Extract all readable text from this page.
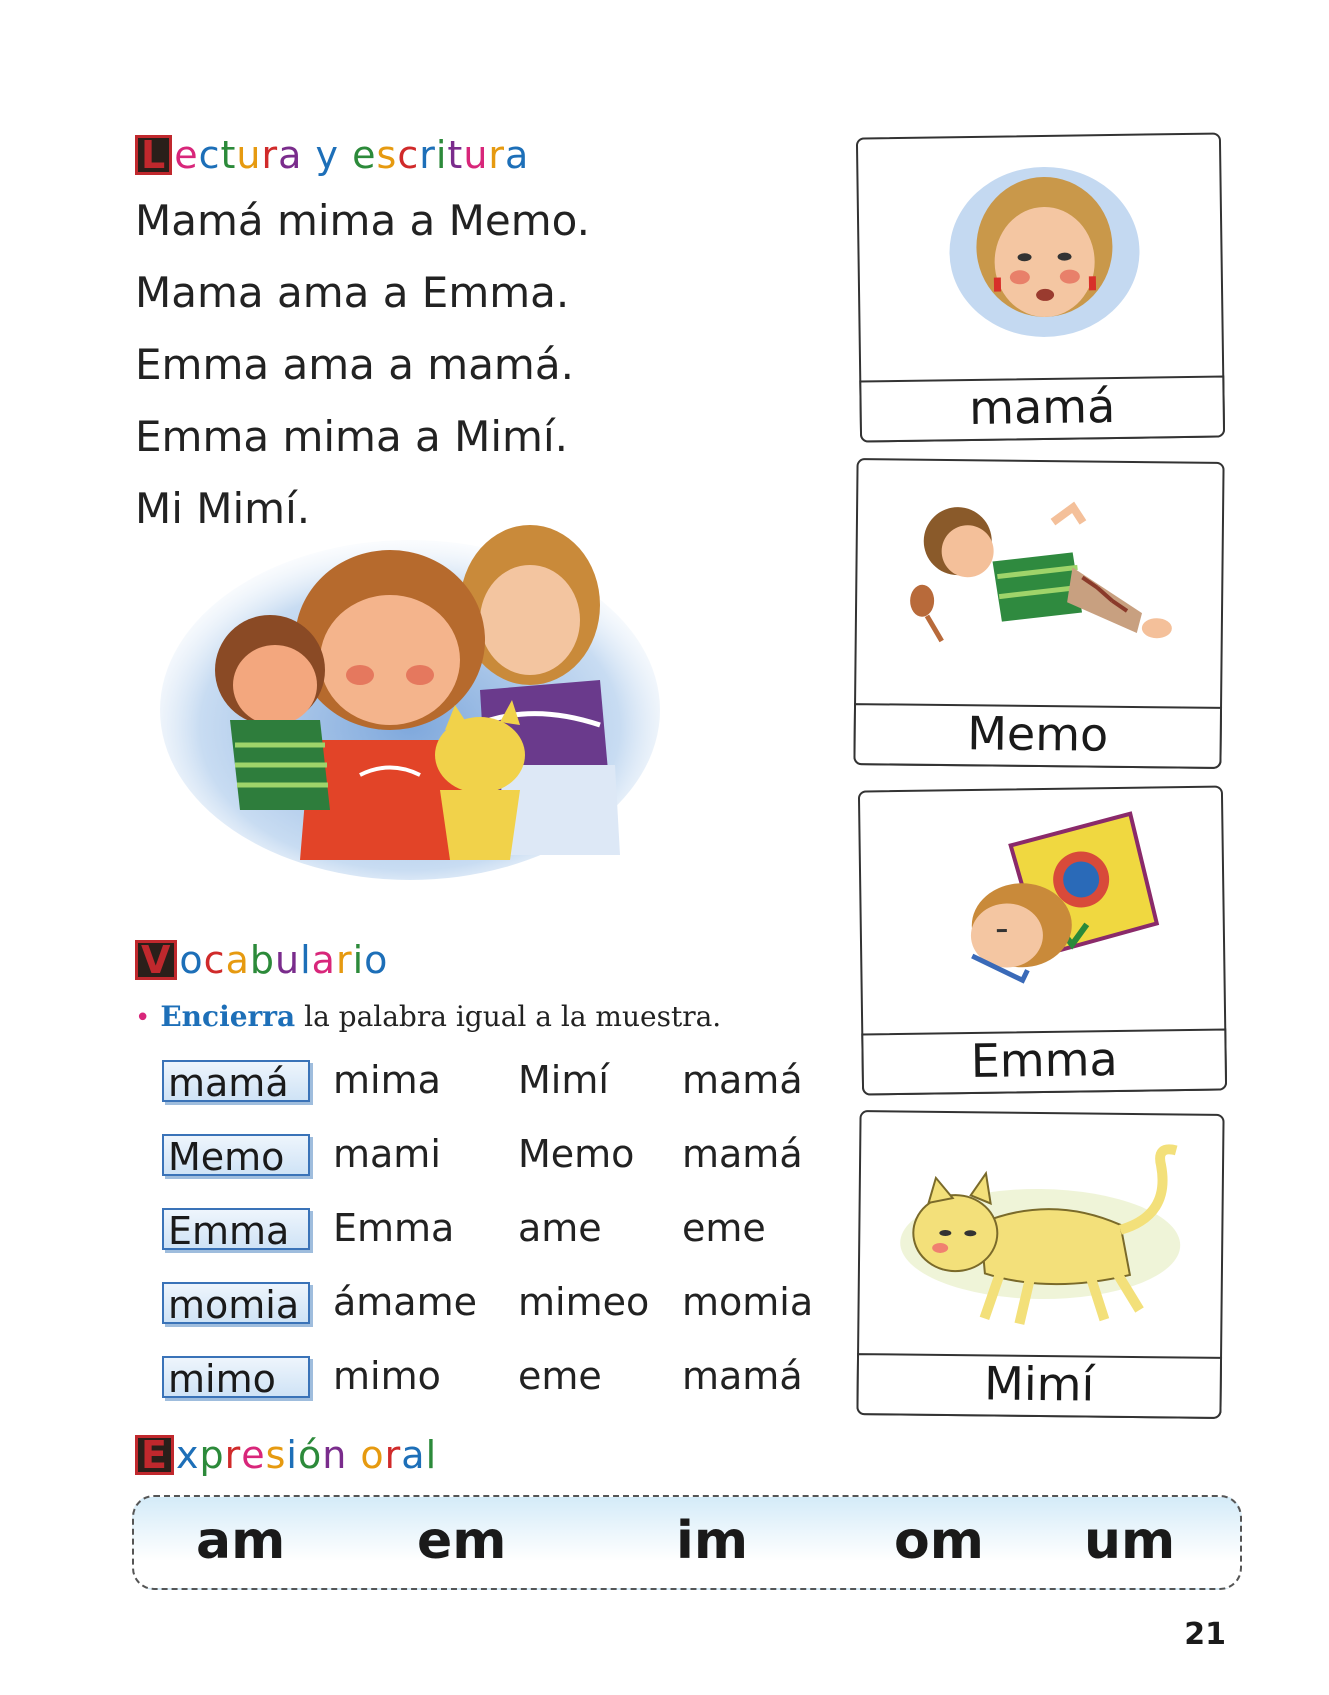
L ectura y escritura
Mamá mima a Memo.
Mama ama a Emma.
Emma ama a mamá.
Emma mima a Mimí.
Mi Mimí.
V ocabulario
• Encierra la palabra igual a la muestra.
mamá	mima Mimí mamá
Memo	mami Memo mamá
Emma	Emma ame eme
momia ámame mimeo momia
mimo	mimo eme mamá
E xpresión oral
am	em	im	om um
mamá
Memo
Emma
Mimí
21
